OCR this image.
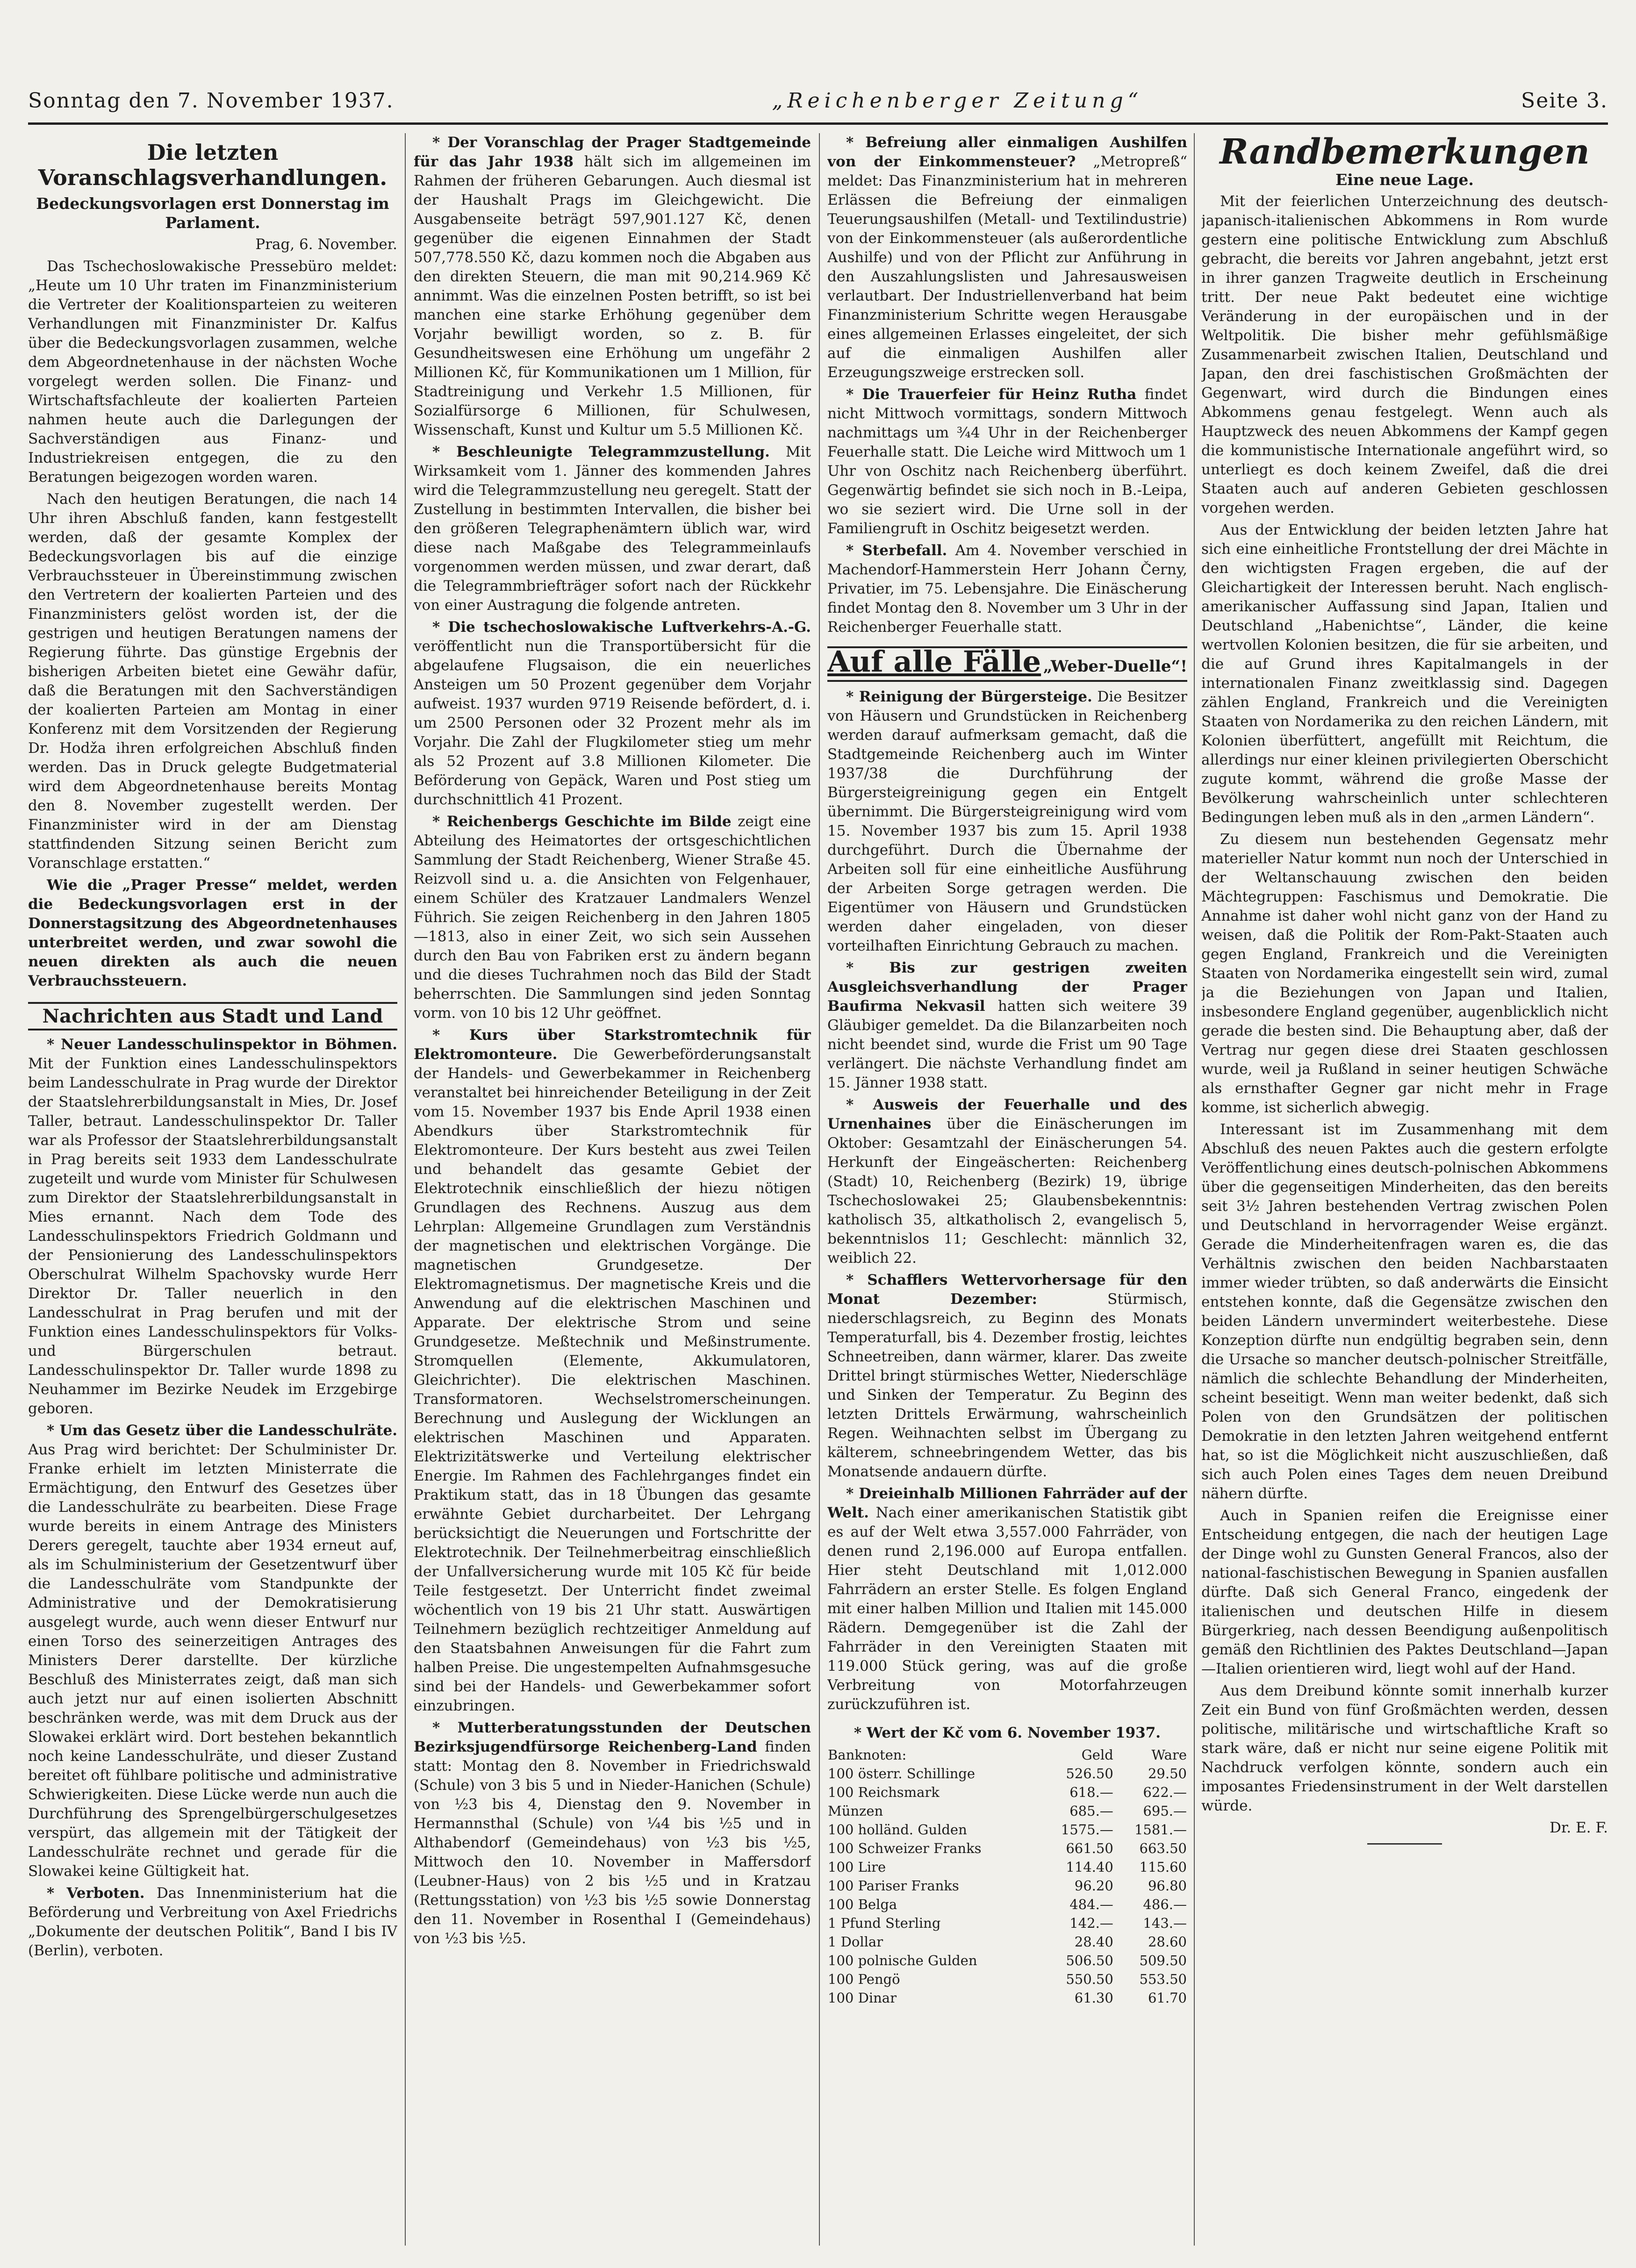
Sonntag den 7. November 1937.	„Reichenberger Zeitung“	Seite 3.
Die letzten Voranschlagsverhandlungen.
Bedeckungsvorlagen erst Donnerstag im Parlament.
Prag, 6. November.

Das Tschechoslowakische Pressebüro meldet: „Heute um 10 Uhr traten im Finanzministerium die Vertreter der Koalitionsparteien zu weiteren Verhandlungen mit Finanzminister Dr. Kalfus über die Bedeckungsvorlagen zusammen, welche dem Abgeordnetenhause in der nächsten Woche vorgelegt werden sollen. Die Finanz- und Wirtschaftsfachleute der koalierten Parteien nahmen heute auch die Darlegungen der Sachverständigen aus Finanz- und Industriekreisen entgegen, die zu den Beratungen beigezogen worden waren.

Nach den heutigen Beratungen, die nach 14 Uhr ihren Abschluß fanden, kann festgestellt werden, daß der gesamte Komplex der Bedeckungsvorlagen bis auf die einzige Verbrauchssteuer in Übereinstimmung zwischen den Vertretern der koalierten Parteien und des Finanzministers gelöst worden ist, der die gestrigen und heutigen Beratungen namens der Regierung führte. Das günstige Ergebnis der bisherigen Arbeiten bietet eine Gewähr dafür, daß die Beratungen mit den Sachverständigen der koalierten Parteien am Montag in einer Konferenz mit dem Vorsitzenden der Regierung Dr. Hodža ihren erfolgreichen Abschluß finden werden. Das in Druck gelegte Budgetmaterial wird dem Abgeordnetenhause bereits Montag den 8. November zugestellt werden. Der Finanzminister wird in der am Dienstag stattfindenden Sitzung seinen Bericht zum Voranschlage erstatten.“

Wie die „Prager Presse“ meldet, werden die Bedeckungsvorlagen erst in der Donnerstagsitzung des Abgeordnetenhauses unterbreitet werden, und zwar sowohl die neuen direkten als auch die neuen Verbrauchssteuern.

Nachrichten aus Stadt und Land

* Neuer Landesschulinspektor in Böhmen. Mit der Funktion eines Landesschulinspektors beim Landesschulrate in Prag wurde der Direktor der Staatslehrerbildungsanstalt in Mies, Dr. Josef Taller, betraut. Landesschulinspektor Dr. Taller war als Professor der Staatslehrerbildungsanstalt in Prag bereits seit 1933 dem Landesschulrate zugeteilt und wurde vom Minister für Schulwesen zum Direktor der Staatslehrerbildungsanstalt in Mies ernannt. Nach dem Tode des Landesschulinspektors Friedrich Goldmann und der Pensionierung des Landesschulinspektors Oberschulrat Wilhelm Spachovsky wurde Herr Direktor Dr. Taller neuerlich in den Landesschulrat in Prag berufen und mit der Funktion eines Landesschulinspektors für Volks- und Bürgerschulen betraut. Landesschulinspektor Dr. Taller wurde 1898 zu Neuhammer im Bezirke Neudek im Erzgebirge geboren.

* Um das Gesetz über die Landesschulräte. Aus Prag wird berichtet: Der Schulminister Dr. Franke erhielt im letzten Ministerrate die Ermächtigung, den Entwurf des Gesetzes über die Landesschulräte zu bearbeiten. Diese Frage wurde bereits in einem Antrage des Ministers Derers geregelt, tauchte aber 1934 erneut auf, als im Schulministerium der Gesetzentwurf über die Landesschulräte vom Standpunkte der Administrative und der Demokratisierung ausgelegt wurde, auch wenn dieser Entwurf nur einen Torso des seinerzeitigen Antrages des Ministers Derer darstellte. Der kürzliche Beschluß des Ministerrates zeigt, daß man sich auch jetzt nur auf einen isolierten Abschnitt beschränken werde, was mit dem Druck aus der Slowakei erklärt wird. Dort bestehen bekanntlich noch keine Landesschulräte, und dieser Zustand bereitet oft fühlbare politische und administrative Schwierigkeiten. Diese Lücke werde nun auch die Durchführung des Sprengelbürgerschulgesetzes verspürt, das allgemein mit der Tätigkeit der Landesschulräte rechnet und gerade für die Slowakei keine Gültigkeit hat.

* Verboten. Das Innenministerium hat die Beförderung und Verbreitung von Axel Friedrichs „Dokumente der deutschen Politik“, Band I bis IV (Berlin), verboten.

* Der Voranschlag der Prager Stadtgemeinde für das Jahr 1938 hält sich im allgemeinen im Rahmen der früheren Gebarungen. Auch diesmal ist der Haushalt Prags im Gleichgewicht. Die Ausgabenseite beträgt 597,901.127 Kč, denen gegenüber die eigenen Einnahmen der Stadt 507,778.550 Kč, dazu kommen noch die Abgaben aus den direkten Steuern, die man mit 90,214.969 Kč annimmt. Was die einzelnen Posten betrifft, so ist bei manchen eine starke Erhöhung gegenüber dem Vorjahr bewilligt worden, so z. B. für Gesundheitswesen eine Erhöhung um ungefähr 2 Millionen Kč, für Kommunikationen um 1 Million, für Stadtreinigung und Verkehr 1.5 Millionen, für Sozialfürsorge 6 Millionen, für Schulwesen, Wissenschaft, Kunst und Kultur um 5.5 Millionen Kč.

* Beschleunigte Telegrammzustellung. Mit Wirksamkeit vom 1. Jänner des kommenden Jahres wird die Telegrammzustellung neu geregelt. Statt der Zustellung in bestimmten Intervallen, die bisher bei den größeren Telegraphenämtern üblich war, wird diese nach Maßgabe des Telegrammeinlaufs vorgenommen werden müssen, und zwar derart, daß die Telegrammbriefträger sofort nach der Rückkehr von einer Austragung die folgende antreten.

* Die tschechoslowakische Luftverkehrs-A.-G. veröffentlicht nun die Transportübersicht für die abgelaufene Flugsaison, die ein neuerliches Ansteigen um 50 Prozent gegenüber dem Vorjahr aufweist. 1937 wurden 9719 Reisende befördert, d. i. um 2500 Personen oder 32 Prozent mehr als im Vorjahr. Die Zahl der Flugkilometer stieg um mehr als 52 Prozent auf 3.8 Millionen Kilometer. Die Beförderung von Gepäck, Waren und Post stieg um durchschnittlich 41 Prozent.

* Reichenbergs Geschichte im Bilde zeigt eine Abteilung des Heimatortes der ortsgeschichtlichen Sammlung der Stadt Reichenberg, Wiener Straße 45. Reizvoll sind u. a. die Ansichten von Felgenhauer, einem Schüler des Kratzauer Landmalers Wenzel Führich. Sie zeigen Reichenberg in den Jahren 1805—1813, also in einer Zeit, wo sich sein Aussehen durch den Bau von Fabriken erst zu ändern begann und die dieses Tuchrahmen noch das Bild der Stadt beherrschten. Die Sammlungen sind jeden Sonntag vorm. von 10 bis 12 Uhr geöffnet.

* Kurs über Starkstromtechnik für Elektromonteure. Die Gewerbeförderungsanstalt der Handels- und Gewerbekammer in Reichenberg veranstaltet bei hinreichender Beteiligung in der Zeit vom 15. November 1937 bis Ende April 1938 einen Abendkurs über Starkstromtechnik für Elektromonteure. Der Kurs besteht aus zwei Teilen und behandelt das gesamte Gebiet der Elektrotechnik einschließlich der hiezu nötigen Grundlagen des Rechnens. Auszug aus dem Lehrplan: Allgemeine Grundlagen zum Verständnis der magnetischen und elektrischen Vorgänge. Die magnetischen Grundgesetze. Der Elektromagnetismus. Der magnetische Kreis und die Anwendung auf die elektrischen Maschinen und Apparate. Der elektrische Strom und seine Grundgesetze. Meßtechnik und Meßinstrumente. Stromquellen (Elemente, Akkumulatoren, Gleichrichter). Die elektrischen Maschinen. Transformatoren. Wechselstromerscheinungen. Berechnung und Auslegung der Wicklungen an elektrischen Maschinen und Apparaten. Elektrizitätswerke und Verteilung elektrischer Energie. Im Rahmen des Fachlehrganges findet ein Praktikum statt, das in 18 Übungen das gesamte erwähnte Gebiet durcharbeitet. Der Lehrgang berücksichtigt die Neuerungen und Fortschritte der Elektrotechnik. Der Teilnehmerbeitrag einschließlich der Unfallversicherung wurde mit 105 Kč für beide Teile festgesetzt. Der Unterricht findet zweimal wöchentlich von 19 bis 21 Uhr statt. Auswärtigen Teilnehmern bezüglich rechtzeitiger Anmeldung auf den Staatsbahnen Anweisungen für die Fahrt zum halben Preise. Die ungestempelten Aufnahmsgesuche sind bei der Handels- und Gewerbekammer sofort einzubringen.

* Mutterberatungsstunden der Deutschen Bezirksjugendfürsorge Reichenberg-Land finden statt: Montag den 8. November in Friedrichswald (Schule) von 3 bis 5 und in Nieder-Hanichen (Schule) von ½3 bis 4, Dienstag den 9. November in Hermannsthal (Schule) von ¼4 bis ½5 und in Althabendorf (Gemeindehaus) von ½3 bis ½5, Mittwoch den 10. November in Maffersdorf (Leubner-Haus) von 2 bis ½5 und in Kratzau (Rettungsstation) von ½3 bis ½5 sowie Donnerstag den 11. November in Rosenthal I (Gemeindehaus) von ½3 bis ½5.

* Befreiung aller einmaligen Aushilfen von der Einkommensteuer? „Metropreß“ meldet: Das Finanzministerium hat in mehreren Erlässen die Befreiung der einmaligen Teuerungsaushilfen (Metall- und Textilindustrie) von der Einkommensteuer (als außerordentliche Aushilfe) und von der Pflicht zur Anführung in den Auszahlungslisten und Jahresausweisen verlautbart. Der Industriellenverband hat beim Finanzministerium Schritte wegen Herausgabe eines allgemeinen Erlasses eingeleitet, der sich auf die einmaligen Aushilfen aller Erzeugungszweige erstrecken soll.

* Die Trauerfeier für Heinz Rutha findet nicht Mittwoch vormittags, sondern Mittwoch nachmittags um ¾4 Uhr in der Reichenberger Feuerhalle statt. Die Leiche wird Mittwoch um 1 Uhr von Oschitz nach Reichenberg überführt. Gegenwärtig befindet sie sich noch in B.-Leipa, wo sie seziert wird. Die Urne soll in der Familiengruft in Oschitz beigesetzt werden.

* Sterbefall. Am 4. November verschied in Machendorf-Hammerstein Herr Johann Černy, Privatier, im 75. Lebensjahre. Die Einäscherung findet Montag den 8. November um 3 Uhr in der Reichenberger Feuerhalle statt.

Auf alle Fälle „Weber-Duelle“!

* Reinigung der Bürgersteige. Die Besitzer von Häusern und Grundstücken in Reichenberg werden darauf aufmerksam gemacht, daß die Stadtgemeinde Reichenberg auch im Winter 1937/38 die Durchführung der Bürgersteigreinigung gegen ein Entgelt übernimmt. Die Bürgersteigreinigung wird vom 15. November 1937 bis zum 15. April 1938 durchgeführt. Durch die Übernahme der Arbeiten soll für eine einheitliche Ausführung der Arbeiten Sorge getragen werden. Die Eigentümer von Häusern und Grundstücken werden daher eingeladen, von dieser vorteilhaften Einrichtung Gebrauch zu machen.

* Bis zur gestrigen zweiten Ausgleichsverhandlung der Prager Baufirma Nekvasil hatten sich weitere 39 Gläubiger gemeldet. Da die Bilanzarbeiten noch nicht beendet sind, wurde die Frist um 90 Tage verlängert. Die nächste Verhandlung findet am 15. Jänner 1938 statt.

* Ausweis der Feuerhalle und des Urnenhaines über die Einäscherungen im Oktober: Gesamtzahl der Einäscherungen 54. Herkunft der Eingeäscherten: Reichenberg (Stadt) 10, Reichenberg (Bezirk) 19, übrige Tschechoslowakei 25; Glaubensbekenntnis: katholisch 35, altkatholisch 2, evangelisch 5, bekenntnislos 11; Geschlecht: männlich 32, weiblich 22.

* Schafflers Wettervorhersage für den Monat Dezember:	Stürmisch, niederschlagsreich, zu Beginn des Monats Temperaturfall, bis 4. Dezember frostig, leichtes Schneetreiben, dann wärmer, klarer. Das zweite Drittel bringt stürmisches Wetter, Niederschläge und Sinken der Temperatur. Zu Beginn des letzten Drittels Erwärmung, wahrscheinlich Regen. Weihnachten selbst im Übergang zu kälterem, schneebringendem Wetter, das bis Monatsende andauern dürfte.

* Dreieinhalb Millionen Fahrräder auf der Welt. Nach einer amerikanischen Statistik gibt es auf der Welt etwa 3,557.000 Fahrräder, von denen rund 2,196.000 auf Europa entfallen. Hier steht Deutschland mit 1,012.000 Fahrrädern an erster Stelle. Es folgen England mit einer halben Million und Italien mit 145.000 Rädern. Demgegenüber ist die Zahl der Fahrräder in den Vereinigten Staaten mit 119.000 Stück gering, was auf die große Verbreitung von Motorfahrzeugen zurückzuführen ist.

* Wert der Kč vom 6. November 1937.
Banknoten:	Geld	Ware
100 österr. Schillinge	526.50	29.50
100 Reichsmark	618.—	622.—
Münzen	685.—	695.—
100 holländ. Gulden	1575.—	1581.—
100 Schweizer Franks	661.50	663.50
100 Lire	114.40	115.60
100 Pariser Franks	96.20	96.80
100 Belga	484.—	486.—
1 Pfund Sterling	142.—	143.—
1 Dollar	28.40	28.60
100 polnische Gulden	506.50	509.50
100 Pengö	550.50	553.50
100 Dinar	61.30	61.70
Randbemerkungen
Eine neue Lage.

Mit der feierlichen Unterzeichnung des deutsch-japanisch-italienischen Abkommens in Rom wurde gestern eine politische Entwicklung zum Abschluß gebracht, die bereits vor Jahren angebahnt, jetzt erst in ihrer ganzen Tragweite deutlich in Erscheinung tritt. Der neue Pakt bedeutet eine wichtige Veränderung in der europäischen und in der Weltpolitik. Die bisher mehr gefühlsmäßige Zusammenarbeit zwischen Italien, Deutschland und Japan, den drei faschistischen Großmächten der Gegenwart, wird durch die Bindungen eines Abkommens genau festgelegt. Wenn auch als Hauptzweck des neuen Abkommens der Kampf gegen die kommunistische Internationale angeführt wird, so unterliegt es doch keinem Zweifel, daß die drei Staaten auch auf anderen Gebieten geschlossen vorgehen werden.

Aus der Entwicklung der beiden letzten Jahre hat sich eine einheitliche Frontstellung der drei Mächte in den wichtigsten Fragen ergeben, die auf der Gleichartigkeit der Interessen beruht. Nach englisch-amerikanischer Auffassung sind Japan, Italien und Deutschland „Habenichtse“, Länder, die keine wertvollen Kolonien besitzen, die für sie arbeiten, und die auf Grund ihres Kapitalmangels in der internationalen Finanz zweitklassig sind. Dagegen zählen England, Frankreich und die Vereinigten Staaten von Nordamerika zu den reichen Ländern, mit Kolonien überfüttert, angefüllt mit Reichtum, die allerdings nur einer kleinen privilegierten Oberschicht zugute kommt, während die große Masse der Bevölkerung wahrscheinlich unter schlechteren Bedingungen leben muß als in den „armen Ländern“.

Zu diesem nun bestehenden Gegensatz mehr materieller Natur kommt nun noch der Unterschied in der Weltanschauung zwischen den beiden Mächtegruppen: Faschismus und Demokratie. Die Annahme ist daher wohl nicht ganz von der Hand zu weisen, daß die Politik der Rom-Pakt-Staaten auch gegen England, Frankreich und die Vereinigten Staaten von Nordamerika eingestellt sein wird, zumal ja die Beziehungen von Japan und Italien, insbesondere England gegenüber, augenblicklich nicht gerade die besten sind. Die Behauptung aber, daß der Vertrag nur gegen diese drei Staaten geschlossen wurde, weil ja Rußland in seiner heutigen Schwäche als ernsthafter Gegner gar nicht mehr in Frage komme, ist sicherlich abwegig.

Interessant ist im Zusammenhang mit dem Abschluß des neuen Paktes auch die gestern erfolgte Veröffentlichung eines deutsch-polnischen Abkommens über die gegenseitigen Minderheiten, das den bereits seit 3½ Jahren bestehenden Vertrag zwischen Polen und Deutschland in hervorragender Weise ergänzt. Gerade die Minderheitenfragen waren es, die das Verhältnis zwischen den beiden Nachbarstaaten immer wieder trübten, so daß anderwärts die Einsicht entstehen konnte, daß die Gegensätze zwischen den beiden Ländern unvermindert weiterbestehe. Diese Konzeption dürfte nun endgültig begraben sein, denn die Ursache so mancher deutsch-polnischer Streitfälle, nämlich die schlechte Behandlung der Minderheiten, scheint beseitigt. Wenn man weiter bedenkt, daß sich Polen von den Grundsätzen der politischen Demokratie in den letzten Jahren weitgehend entfernt hat, so ist die Möglichkeit nicht auszuschließen, daß sich auch Polen eines Tages dem neuen Dreibund nähern dürfte.

Auch in Spanien reifen die Ereignisse einer Entscheidung entgegen, die nach der heutigen Lage der Dinge wohl zu Gunsten General Francos, also der national-faschistischen Bewegung in Spanien ausfallen dürfte. Daß sich General Franco, eingedenk der italienischen und deutschen Hilfe in diesem Bürgerkrieg, nach dessen Beendigung außenpolitisch gemäß den Richtlinien des Paktes Deutschland—Japan—Italien orientieren wird, liegt wohl auf der Hand.

Aus dem Dreibund könnte somit innerhalb kurzer Zeit ein Bund von fünf Großmächten werden, dessen politische, militärische und wirtschaftliche Kraft so stark wäre, daß er nicht nur seine eigene Politik mit Nachdruck verfolgen könnte, sondern auch ein imposantes Friedensinstrument in der Welt darstellen würde.

Dr. E. F.
